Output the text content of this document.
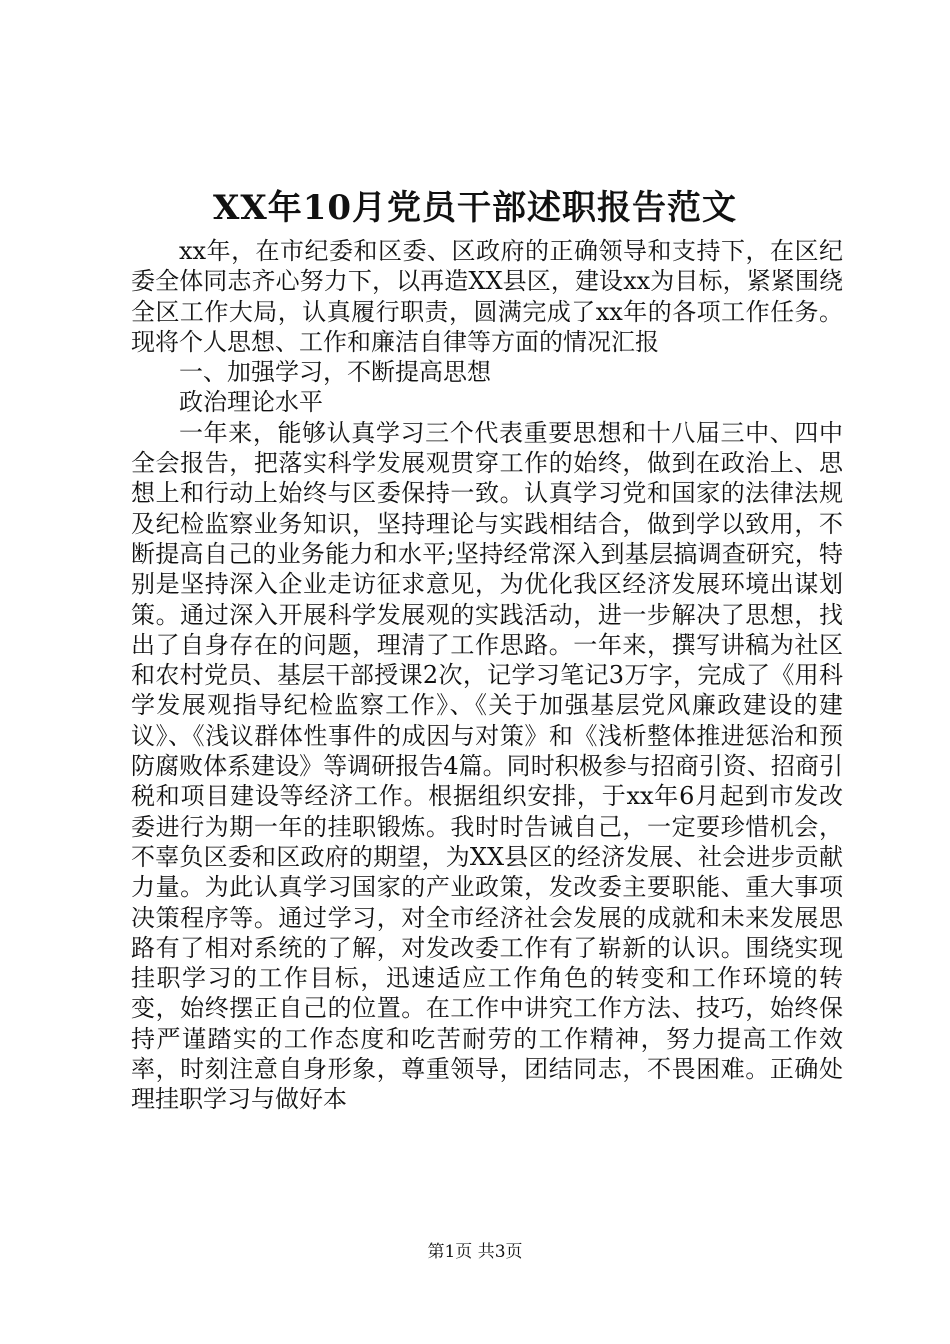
XX年10月党员干部述职报告范文

xx年，在市纪委和区委、区政府的正确领导和支持下，在区纪委全体同志齐心努力下，以再造XX县区，建设xx为目标，紧紧围绕全区工作大局，认真履行职责，圆满完成了xx年的各项工作任务。现将个人思想、工作和廉洁自律等方面的情况汇报

一、加强学习，不断提高思想

政治理论水平

一年来，能够认真学习三个代表重要思想和十八届三中、四中全会报告，把落实科学发展观贯穿工作的始终，做到在政治上、思想上和行动上始终与区委保持一致。认真学习党和国家的法律法规及纪检监察业务知识，坚持理论与实践相结合，做到学以致用，不断提高自己的业务能力和水平;坚持经常深入到基层搞调查研究，特别是坚持深入企业走访征求意见，为优化我区经济发展环境出谋划策。通过深入开展科学发展观的实践活动，进一步解决了思想，找出了自身存在的问题，理清了工作思路。一年来，撰写讲稿为社区和农村党员、基层干部授课2次，记学习笔记3万字，完成了《用科学发展观指导纪检监察工作》、《关于加强基层党风廉政建设的建议》、《浅议群体性事件的成因与对策》和《浅析整体推进惩治和预防腐败体系建设》等调研报告4篇。同时积极参与招商引资、招商引税和项目建设等经济工作。根据组织安排，于xx年6月起到市发改委进行为期一年的挂职锻炼。我时时告诫自己，一定要珍惜机会，不辜负区委和区政府的期望，为XX县区的经济发展、社会进步贡献力量。为此认真学习国家的产业政策，发改委主要职能、重大事项决策程序等。通过学习，对全市经济社会发展的成就和未来发展思路有了相对系统的了解，对发改委工作有了崭新的认识。围绕实现挂职学习的工作目标，迅速适应工作角色的转变和工作环境的转变，始终摆正自己的位置。在工作中讲究工作方法、技巧，始终保持严谨踏实的工作态度和吃苦耐劳的工作精神，努力提高工作效率，时刻注意自身形象，尊重领导，团结同志，不畏困难。正确处理挂职学习与做好本

第1页 共3页
